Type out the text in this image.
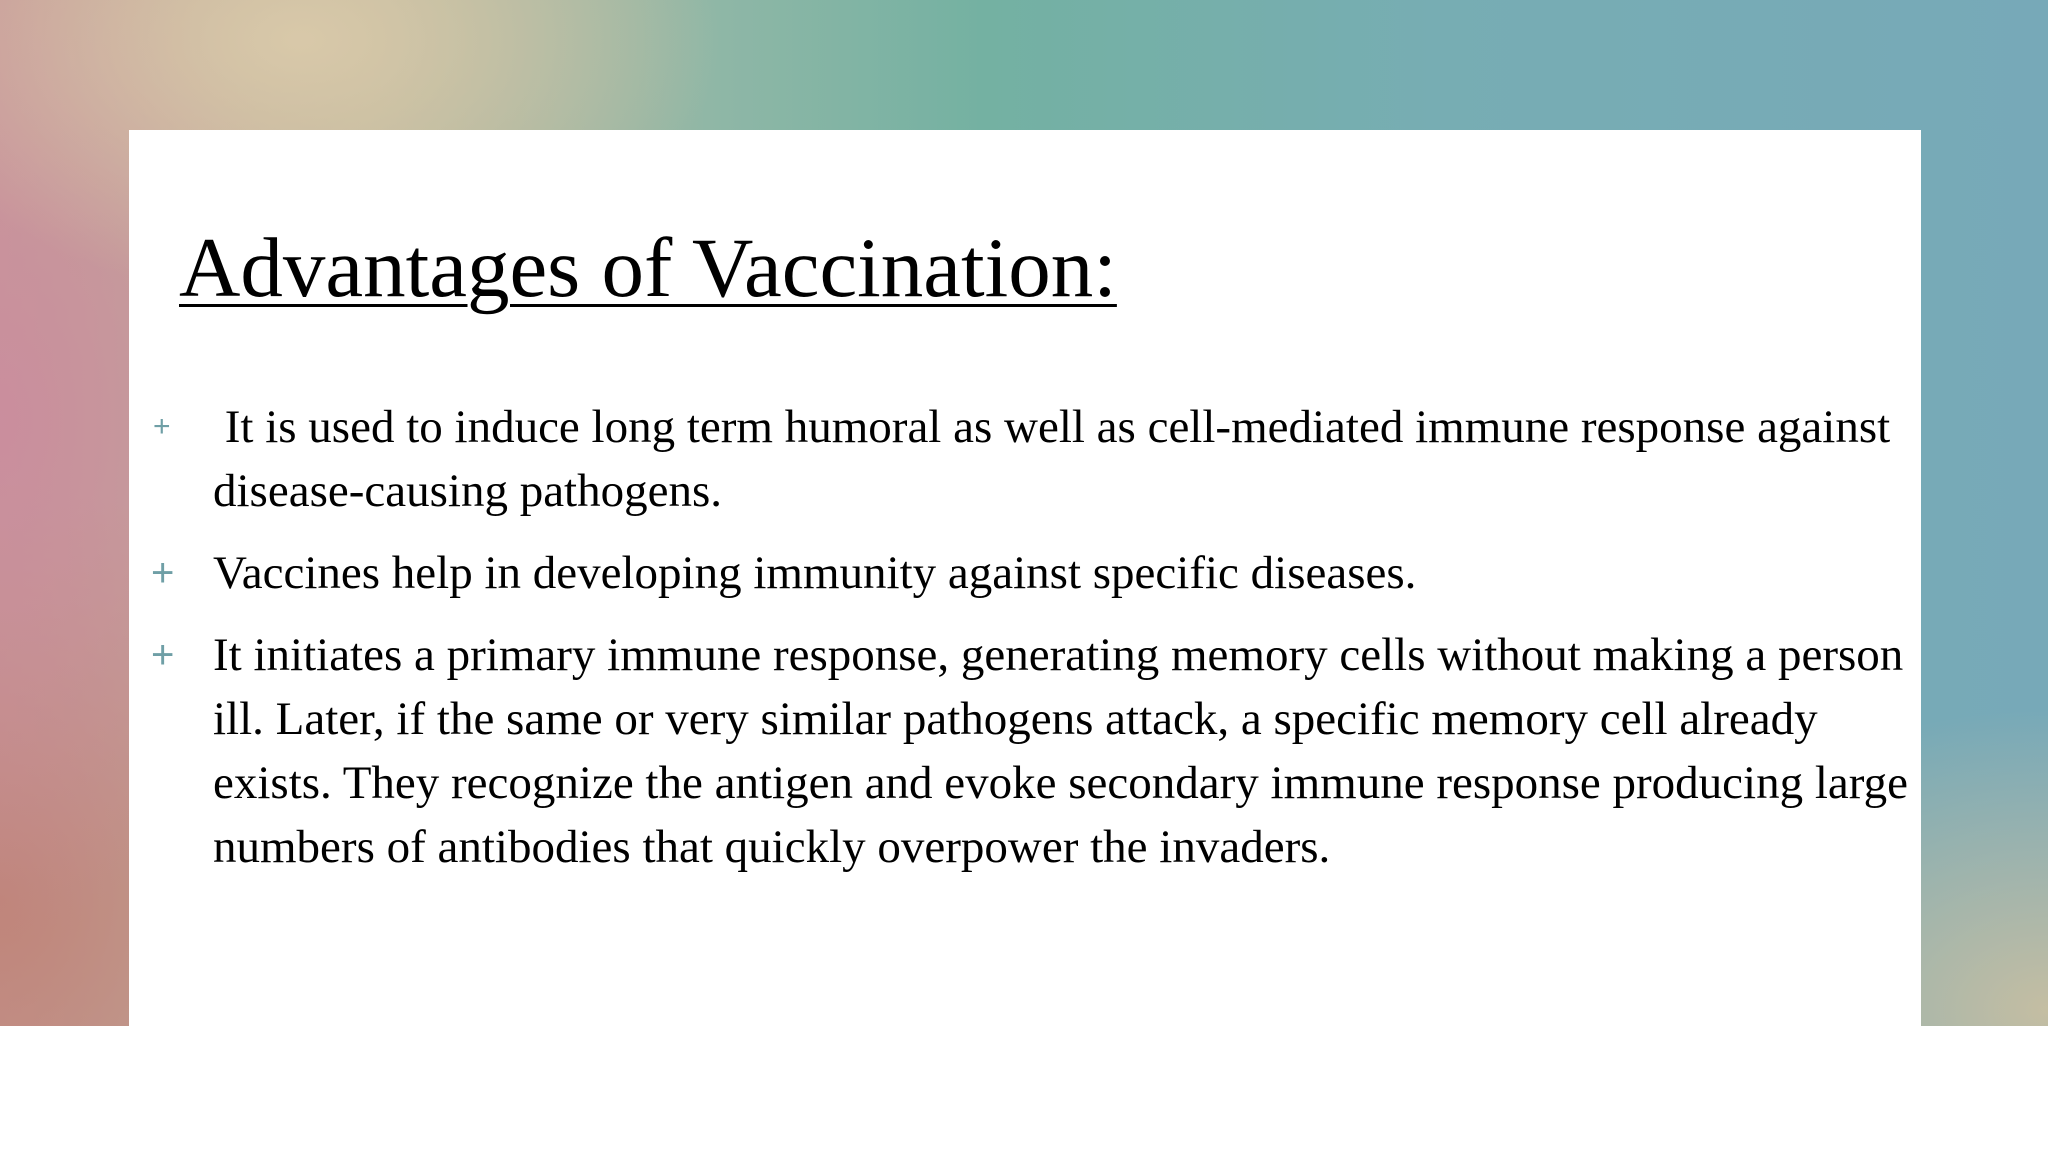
Advantages of Vaccination:
+ It is used to induce long term humoral as well as cell-mediated immune response against disease-causing pathogens.
+ Vaccines help in developing immunity against specific diseases.
+ It initiates a primary immune response, generating memory cells without making a person ill. Later, if the same or very similar pathogens attack, a specific memory cell already exists. They recognize the antigen and evoke secondary immune response producing large numbers of antibodies that quickly overpower the invaders.
